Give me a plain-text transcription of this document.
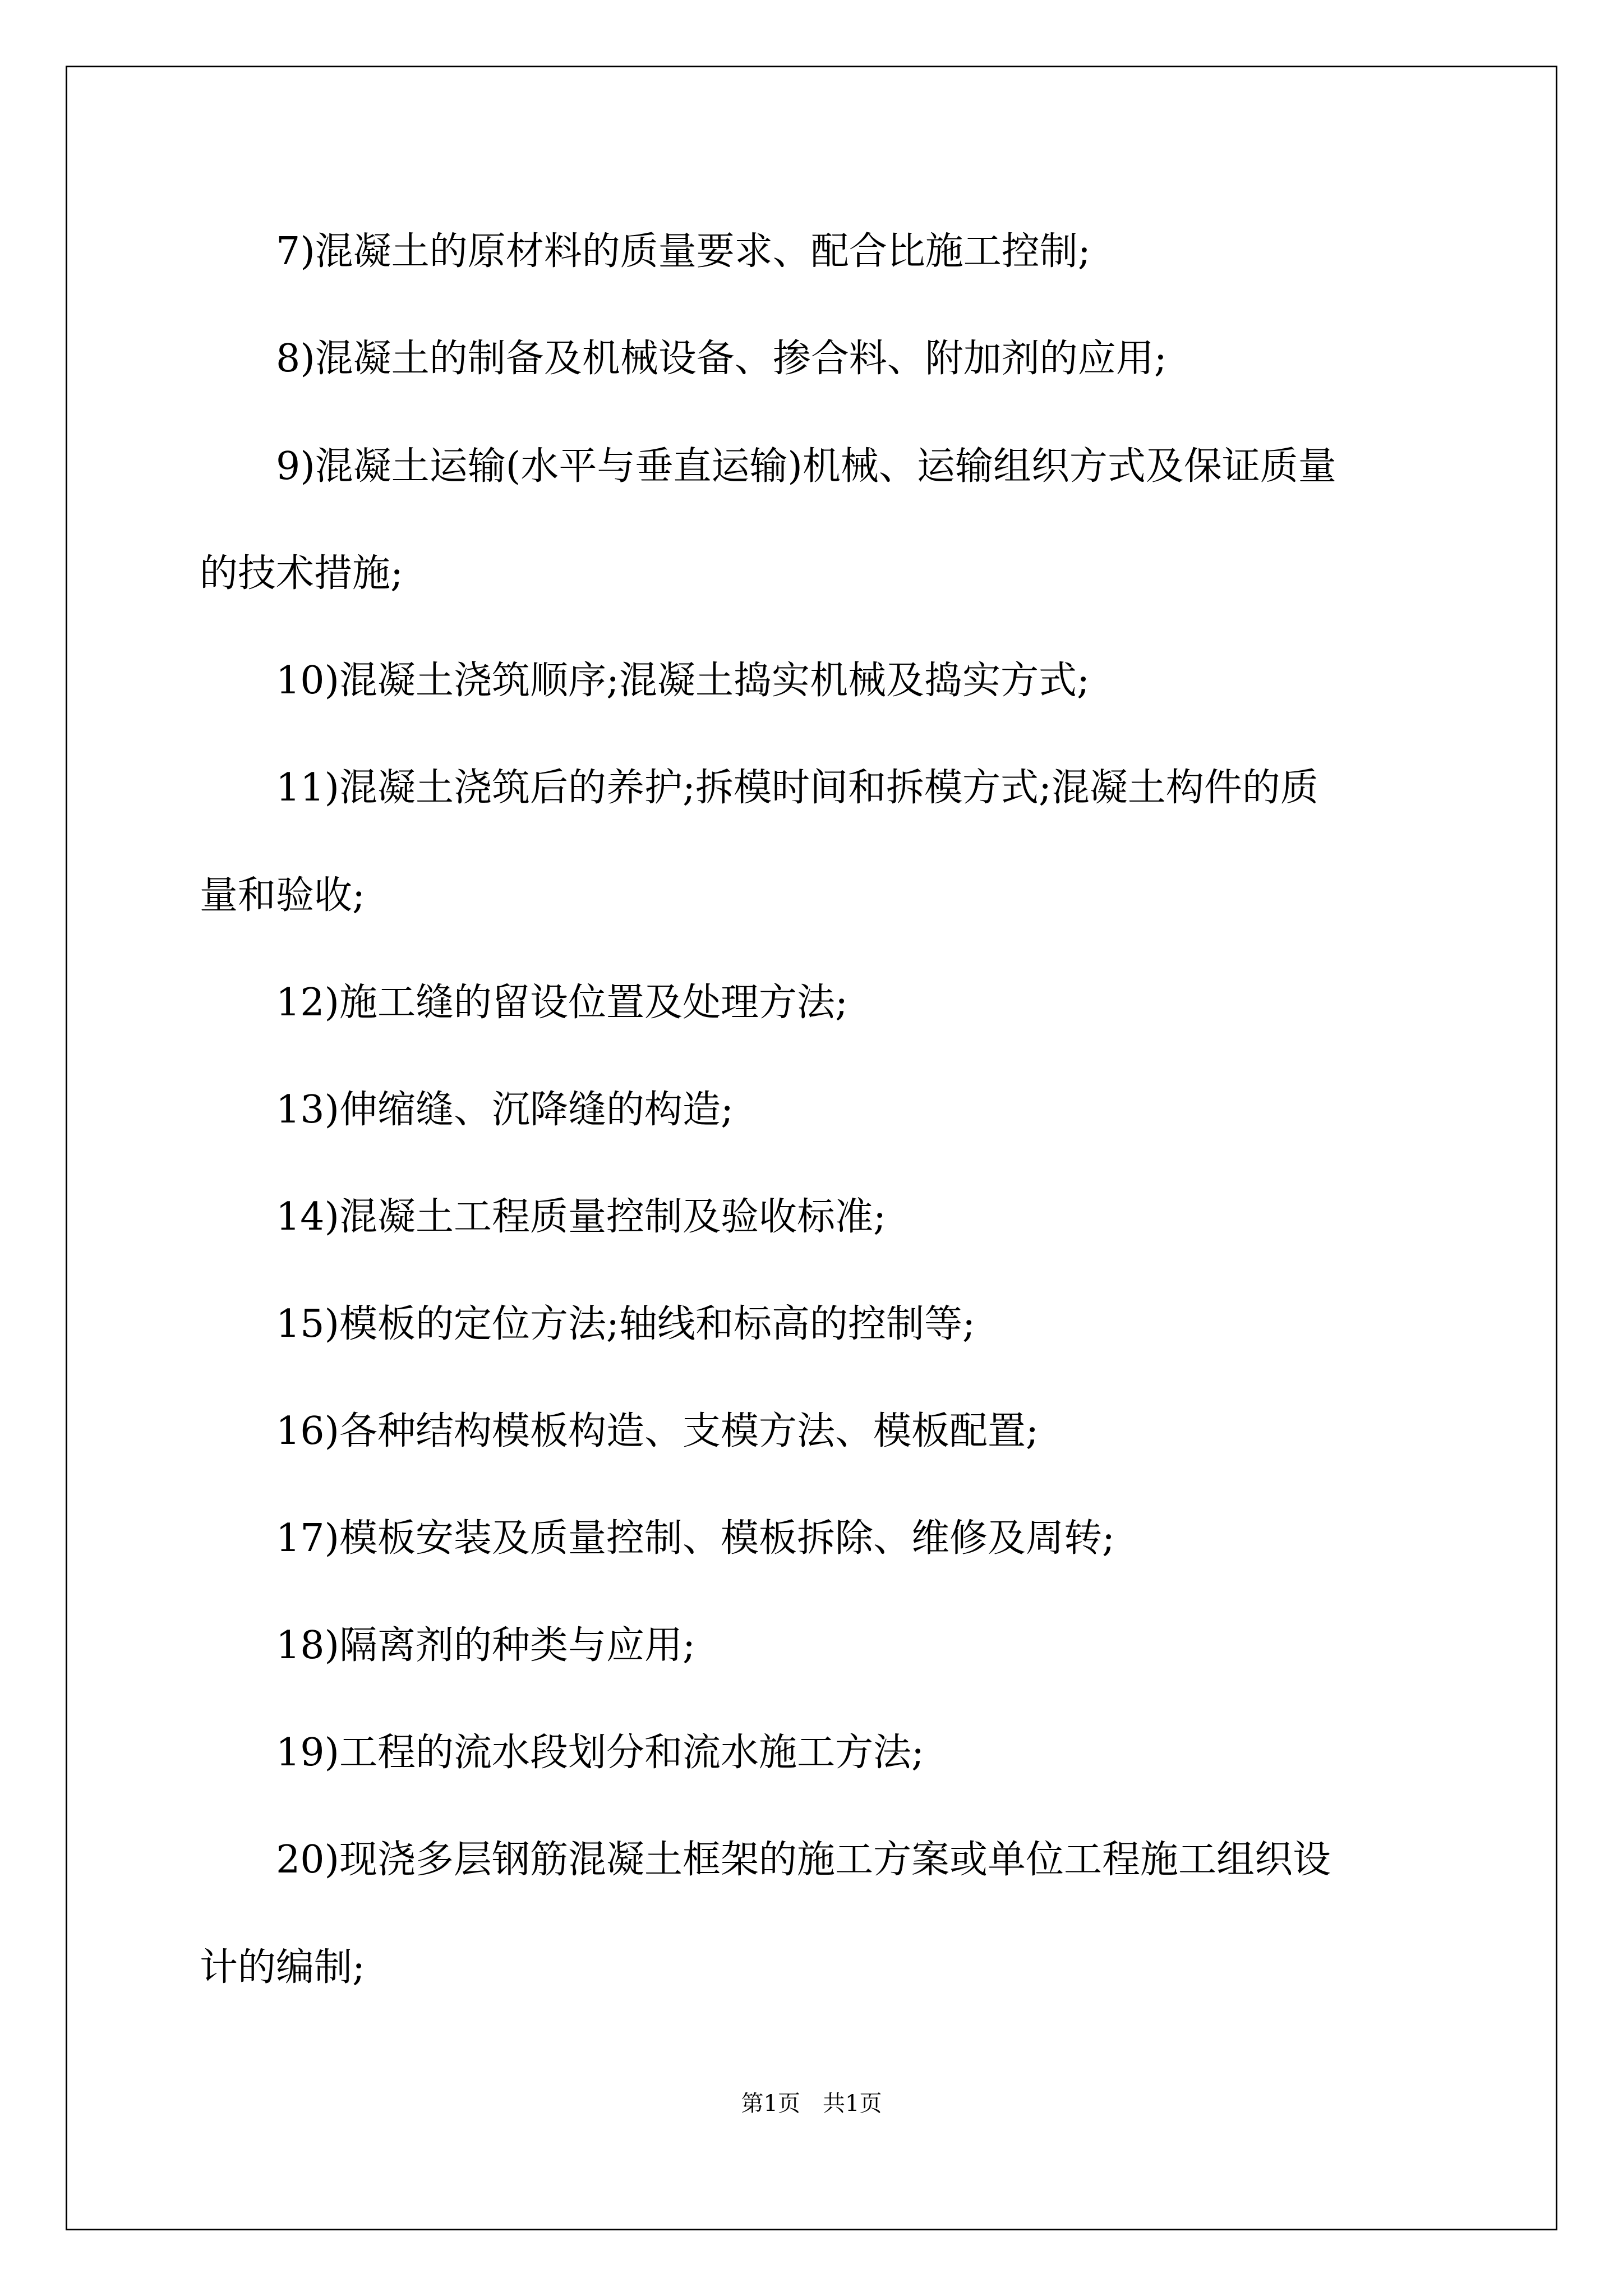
7)混凝土的原材料的质量要求、配合比施工控制;
8)混凝土的制备及机械设备、掺合料、附加剂的应用;
9)混凝土运输(水平与垂直运输)机械、运输组织方式及保证质量
的技术措施;
10)混凝土浇筑顺序;混凝土捣实机械及捣实方式;
11)混凝土浇筑后的养护;拆模时间和拆模方式;混凝土构件的质
量和验收;
12)施工缝的留设位置及处理方法;
13)伸缩缝、沉降缝的构造;
14)混凝土工程质量控制及验收标准;
15)模板的定位方法;轴线和标高的控制等;
16)各种结构模板构造、支模方法、模板配置;
17)模板安装及质量控制、模板拆除、维修及周转;
18)隔离剂的种类与应用;
19)工程的流水段划分和流水施工方法;
20)现浇多层钢筋混凝土框架的施工方案或单位工程施工组织设
计的编制;
第1页　共1页
